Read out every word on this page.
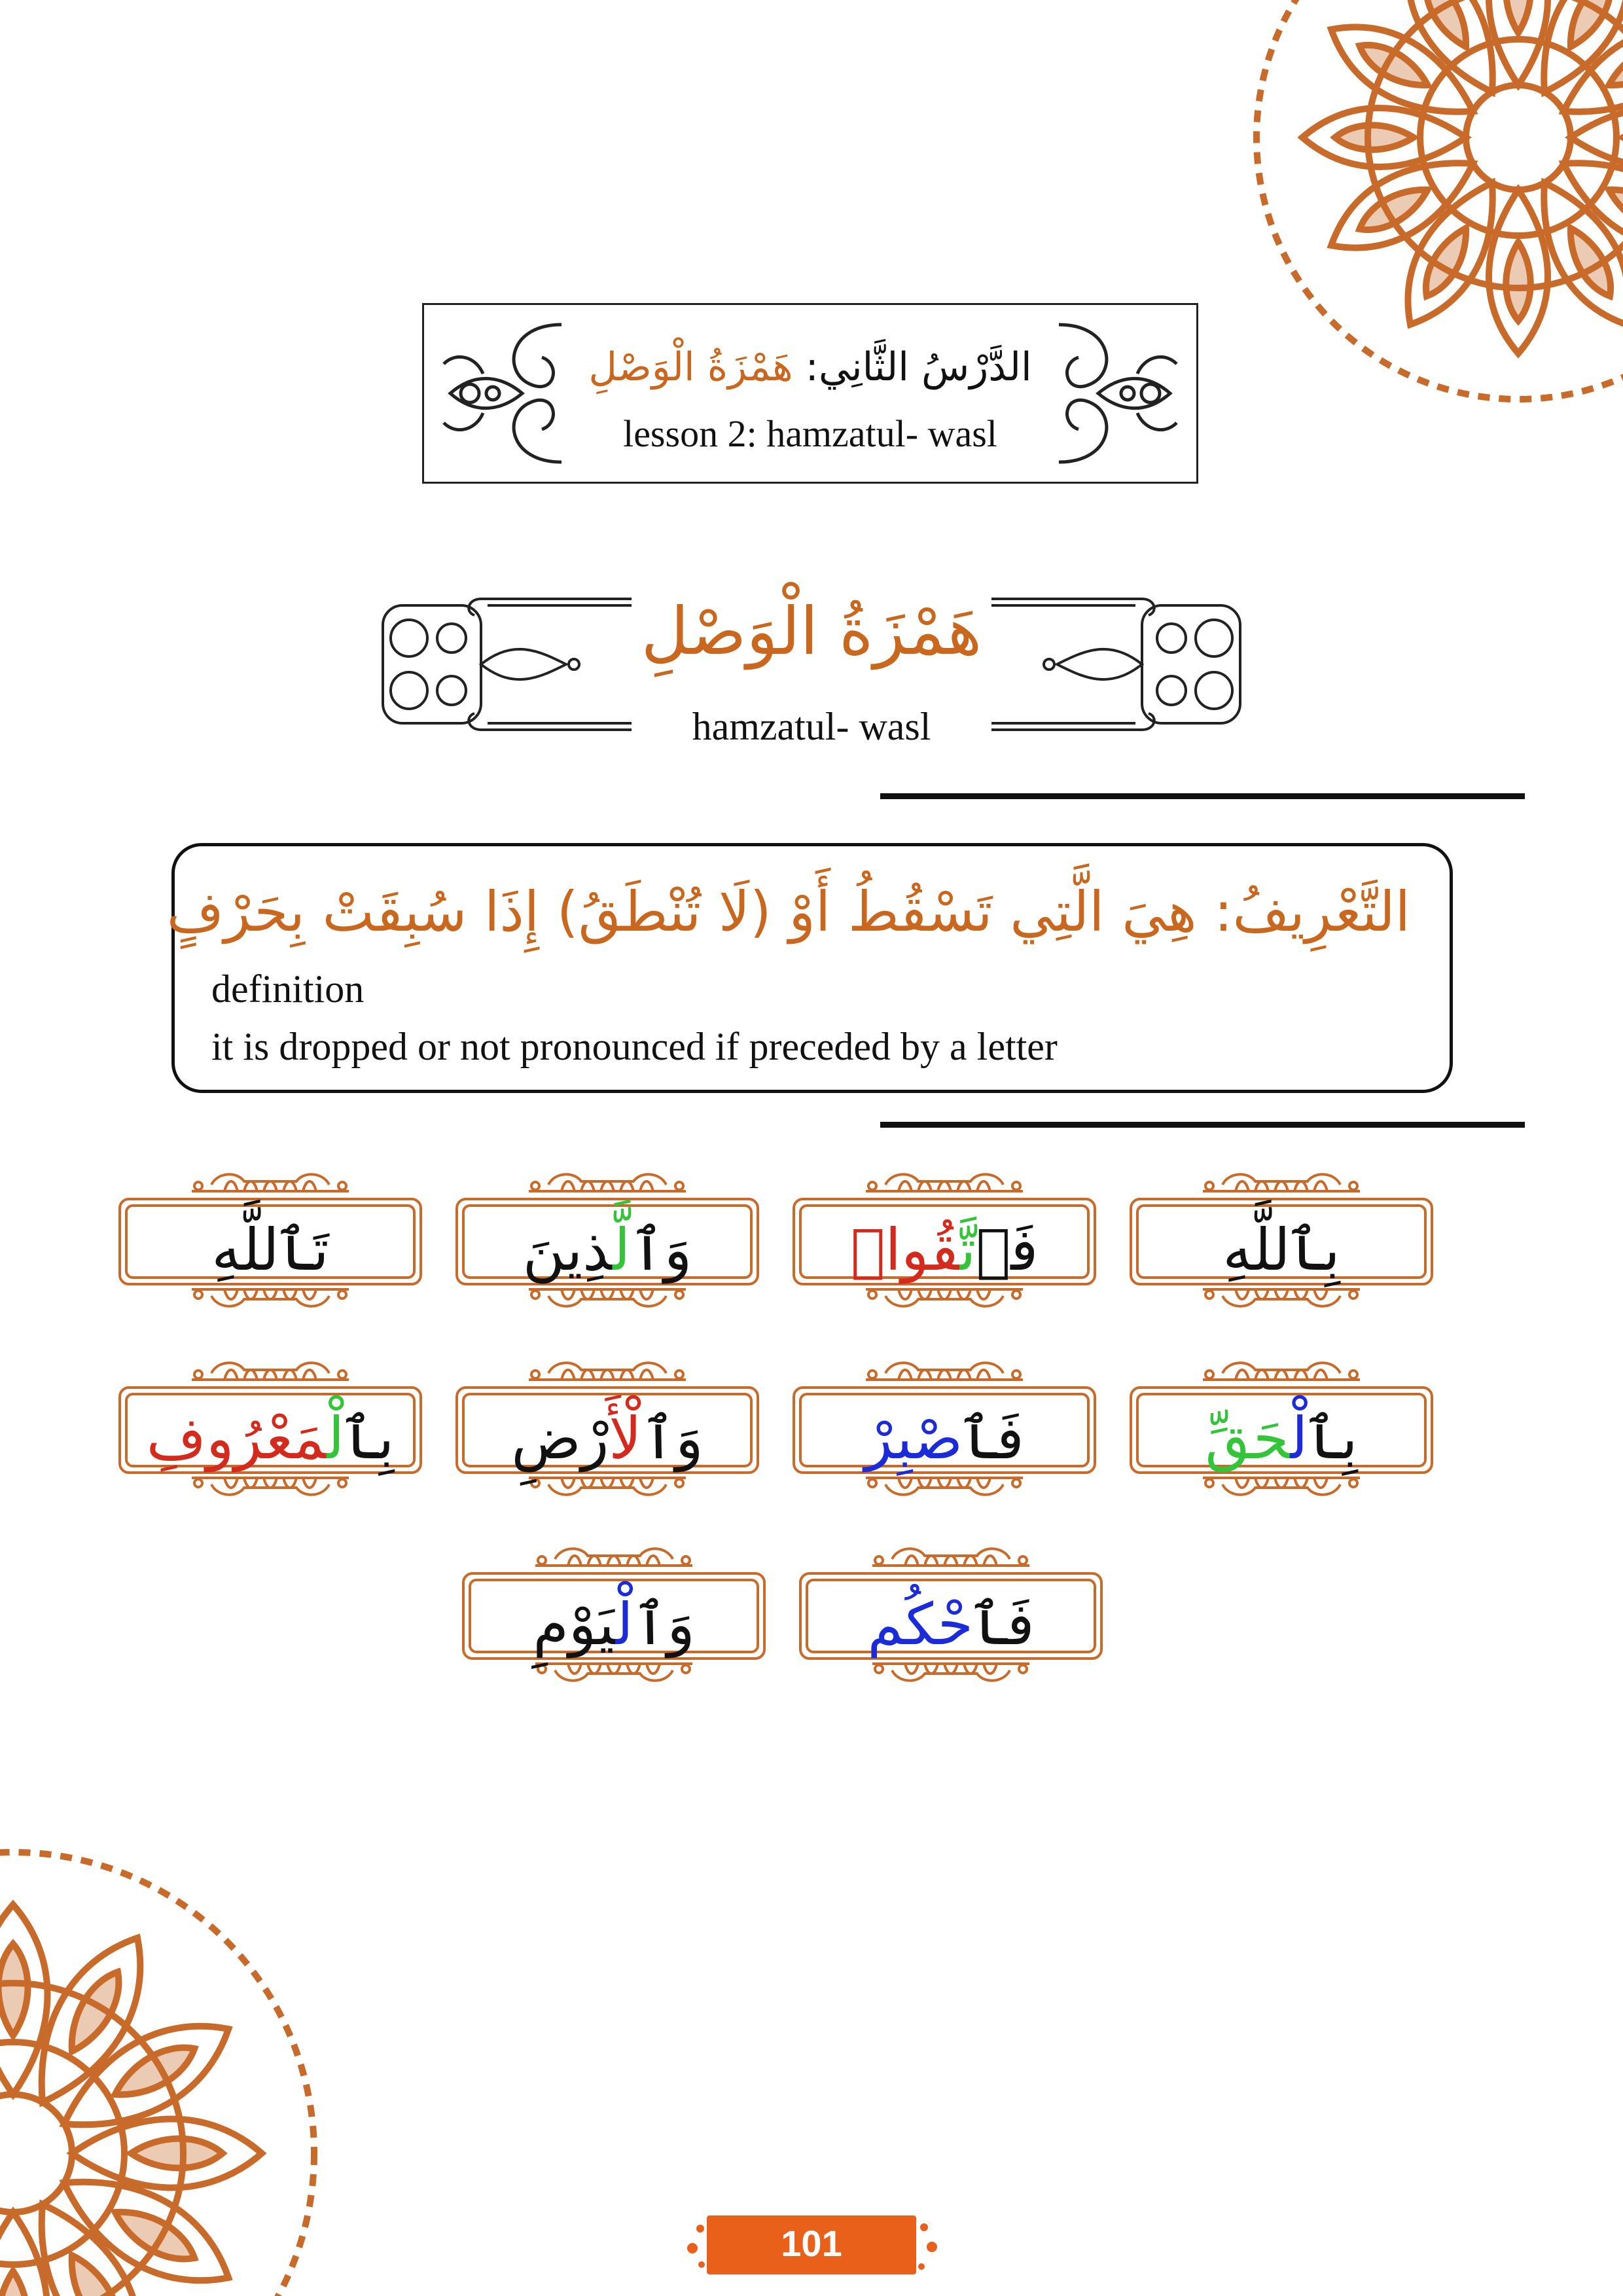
الدَّرْسُ الثَّانِي: هَمْزَةُ الْوَصْلِ
lesson 2: hamzatul- wasl
هَمْزَةُ الْوَصْلِ
hamzatul- wasl
التَّعْرِيفُ: هِيَ الَّتِي تَسْقُطُ أَوْ (لَا تُنْطَقُ) إِذَا سُبِقَتْ بِحَرْفٍ
definition
it is dropped or not pronounced if preceded by a letter
بِٱللَّهِ
فَٱتَّقُوا۟
وَٱلَّذِينَ
تَٱللَّهِ
بِٱلْحَقِّ
فَٱصْبِرْ
وَٱلْأَرْضِ
بِٱلْمَعْرُوفِ
فَٱحْكُم
وَٱلْيَوْمِ
101
